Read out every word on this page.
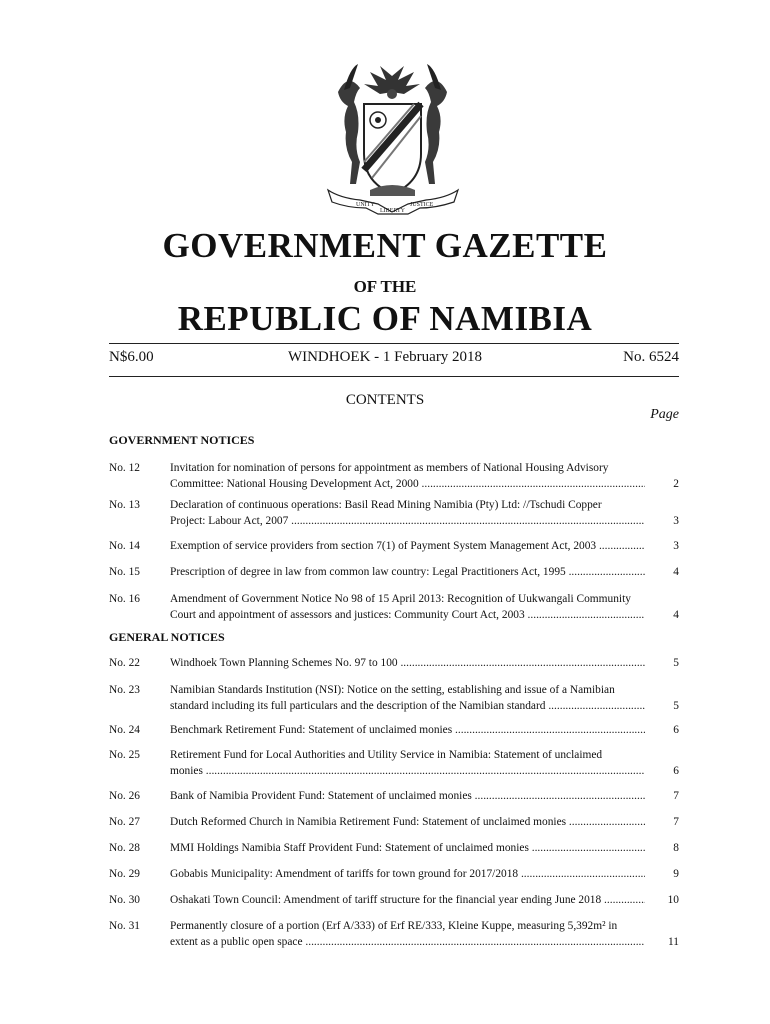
UNITY
LIBERTY
JUSTICE
GOVERNMENT GAZETTE
OF THE
REPUBLIC OF NAMIBIA
N$6.00	WINDHOEK - 1 February 2018	No. 6524
CONTENTS
Page
GOVERNMENT NOTICES
No. 12	Invitation for nomination of persons for appointment as members of National Housing Advisory
Committee: National Housing Development Act, 2000 .....	2
No. 13	Declaration of continuous operations: Basil Read Mining Namibia (Pty) Ltd: //Tschudi Copper
Project: Labour Act, 2007 .....	3
No. 14	Exemption of service providers from section 7(1) of Payment System Management Act, 2003 .....	3
No. 15	Prescription of degree in law from common law country: Legal Practitioners Act, 1995 .....	4
No. 16	Amendment of Government Notice No 98 of 15 April 2013: Recognition of Uukwangali Community
Court and appointment of assessors and justices: Community Court Act, 2003 .....	4
GENERAL NOTICES
No. 22	Windhoek Town Planning Schemes No. 97 to 100 .....	5
No. 23	Namibian Standards Institution (NSI): Notice on the setting, establishing and issue of a Namibian
standard including its full particulars and the description of the Namibian standard .....	5
No. 24	Benchmark Retirement Fund: Statement of unclaimed monies .....	6
No. 25	Retirement Fund for Local Authorities and Utility Service in Namibia: Statement of unclaimed
monies .....	6
No. 26	Bank of Namibia Provident Fund: Statement of unclaimed monies .....	7
No. 27	Dutch Reformed Church in Namibia Retirement Fund: Statement of unclaimed monies .....	7
No. 28	MMI Holdings Namibia Staff Provident Fund: Statement of unclaimed monies .....	8
No. 29	Gobabis Municipality: Amendment of tariffs for town ground for 2017/2018 .....	9
No. 30	Oshakati Town Council: Amendment of tariff structure for the financial year ending June 2018 .....	10
No. 31	Permanently closure of a portion (Erf A/333) of Erf RE/333, Kleine Kuppe, measuring 5,392m² in
extent as a public open space .....	11
